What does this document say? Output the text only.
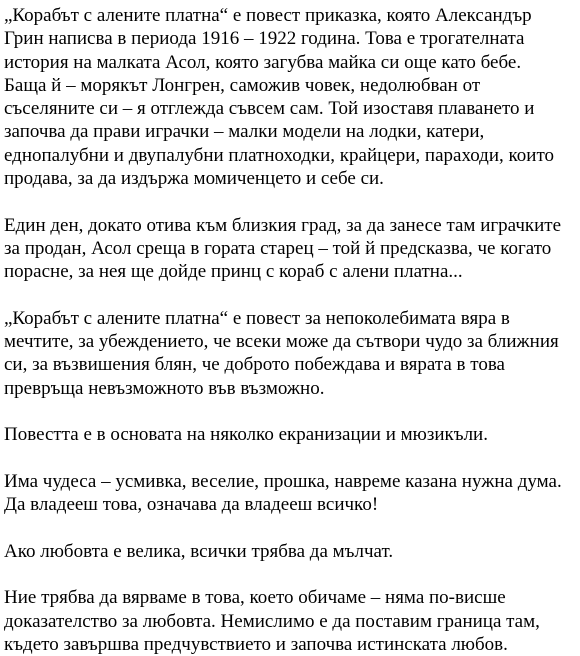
„Корабът с алените платна“ е повест приказка, която Александър
Грин написва в периода 1916 – 1922 година. Това е трогателната
история на малката Асол, която загубва майка си още като бебе.
Баща й – морякът Лонгрен, саможив човек, недолюбван от
съселяните си – я отглежда съвсем сам. Той изоставя плаването и
започва да прави играчки – малки модели на лодки, катери,
еднопалубни и двупалубни платноходки, крайцери, параходи, които
продава, за да издържа момиченцето и себе си.
Един ден, докато отива към близкия град, за да занесе там играчките
за продан, Асол среща в гората старец – той й предсказва, че когато
порасне, за нея ще дойде принц с кораб с алени платна...
„Корабът с алените платна“ е повест за непоколебимата вяра в
мечтите, за убеждението, че всеки може да сътвори чудо за ближния
си, за възвишения блян, че доброто побеждава и вярата в това
превръща невъзможното във възможно.
Повестта е в основата на няколко екранизации и мюзикъли.
Има чудеса – усмивка, веселие, прошка, навреме казана нужна дума.
Да владееш това, означава да владееш всичко!
Ако любовта е велика, всички трябва да мълчат.
Ние трябва да вярваме в това, което обичаме – няма по-висше
доказателство за любовта. Немислимо е да поставим граница там,
където завършва предчувствието и започва истинската любов.
